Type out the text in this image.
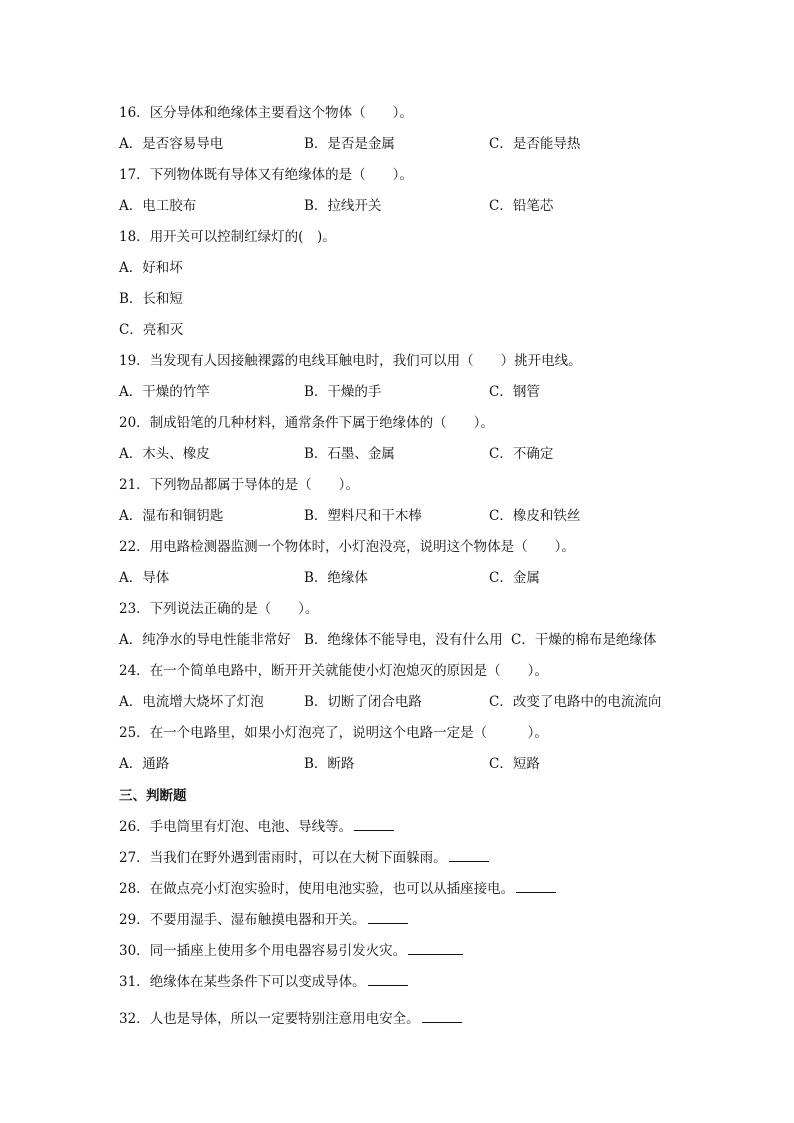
16．区分导体和绝缘体主要看这个物体（　　）。
A．是否容易导电	B．是否是金属	C．是否能导热
17．下列物体既有导体又有绝缘体的是（　　）。
A．电工胶布	B．拉线开关	C．铅笔芯
18．用开关可以控制红绿灯的(　)。
A．好和坏
B．长和短
C．亮和灭
19．当发现有人因接触裸露的电线耳触电时，我们可以用（　　）挑开电线。
A．干燥的竹竿	B．干燥的手	C．钢管
20．制成铅笔的几种材料，通常条件下属于绝缘体的（　　）。
A．木头、橡皮	B．石墨、金属	C．不确定
21．下列物品都属于导体的是（　　）。
A．湿布和铜钥匙	B．塑料尺和干木棒	C．橡皮和铁丝
22．用电路检测器监测一个物体时，小灯泡没亮，说明这个物体是（　　）。
A．导体	B．绝缘体	C．金属
23．下列说法正确的是（　　）。
A．纯净水的导电性能非常好 B．绝缘体不能导电，没有什么用 C．干燥的棉布是绝缘体
24．在一个简单电路中，断开开关就能使小灯泡熄灭的原因是（　　）。
A．电流增大烧坏了灯泡	B．切断了闭合电路	C．改变了电路中的电流流向
25．在一个电路里，如果小灯泡亮了，说明这个电路一定是（　　　）。
A．通路	B．断路	C．短路
三、判断题
26．手电筒里有灯泡、电池、导线等。
27．当我们在野外遇到雷雨时，可以在大树下面躲雨。
28．在做点亮小灯泡实验时，使用电池实验，也可以从插座接电。
29．不要用湿手、湿布触摸电器和开关。
30．同一插座上使用多个用电器容易引发火灾。
31．绝缘体在某些条件下可以变成导体。
32．人也是导体，所以一定要特别注意用电安全。
